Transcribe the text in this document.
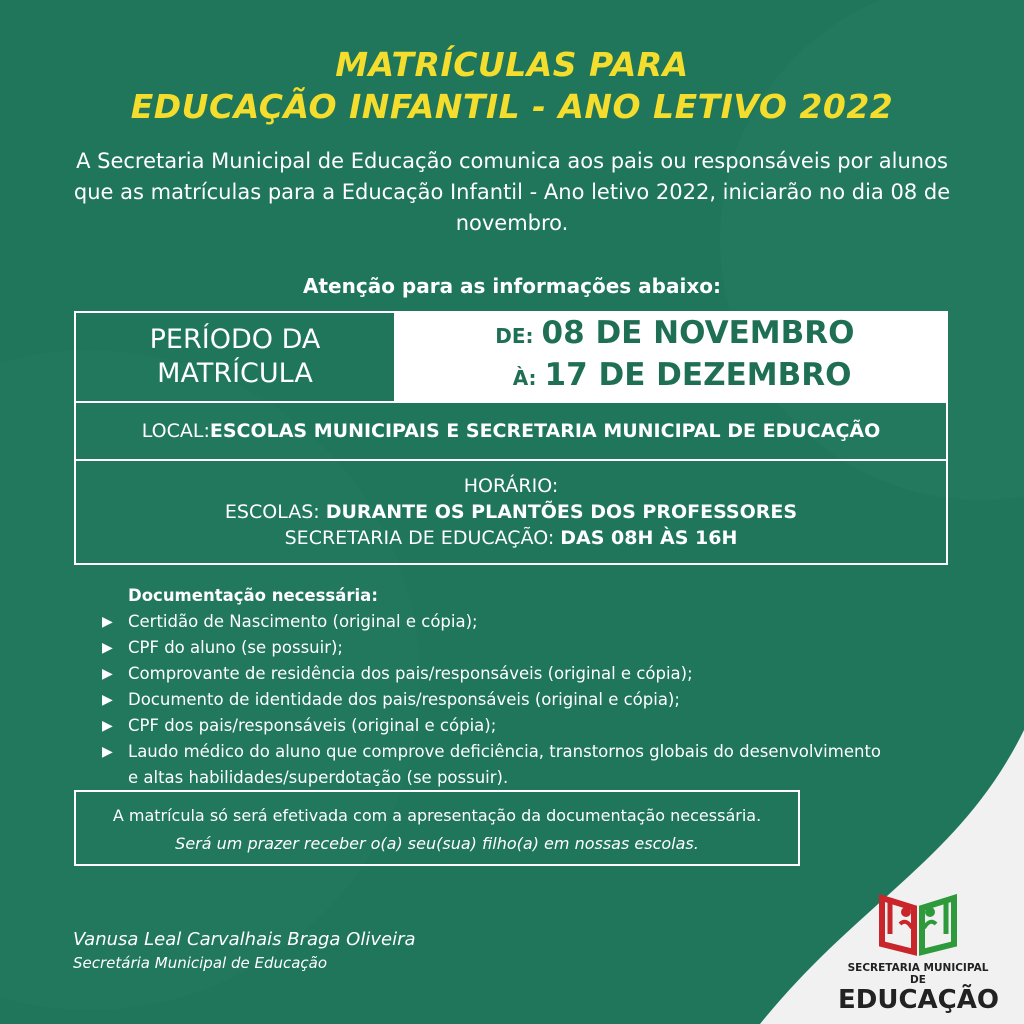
MATRÍCULAS PARA
EDUCAÇÃO INFANTIL - ANO LETIVO 2022
A Secretaria Municipal de Educação comunica aos pais ou responsáveis por alunos que as matrículas para a Educação Infantil - Ano letivo 2022, iniciarão no dia 08 de novembro.
Atenção para as informações abaixo:
PERÍODO DA
MATRÍCULA
DE: 08 DE NOVEMBRO
À: 17 DE DEZEMBRO
LOCAL: ESCOLAS MUNICIPAIS E SECRETARIA MUNICIPAL DE EDUCAÇÃO
HORÁRIO:
ESCOLAS: DURANTE OS PLANTÕES DOS PROFESSORES
SECRETARIA DE EDUCAÇÃO: DAS 08H ÀS 16H
Documentação necessária:
▶ Certidão de Nascimento (original e cópia);
▶ CPF do aluno (se possuir);
▶ Comprovante de residência dos pais/responsáveis (original e cópia);
▶ Documento de identidade dos pais/responsáveis (original e cópia);
▶ CPF dos pais/responsáveis (original e cópia);
▶ Laudo médico do aluno que comprove deficiência, transtornos globais do desenvolvimento
e altas habilidades/superdotação (se possuir).
A matrícula só será efetivada com a apresentação da documentação necessária.
Será um prazer receber o(a) seu(sua) filho(a) em nossas escolas.
Vanusa Leal Carvalhais Braga Oliveira
Secretária Municipal de Educação	SECRETARIA MUNICIPAL DE
EDUCAÇÃO
